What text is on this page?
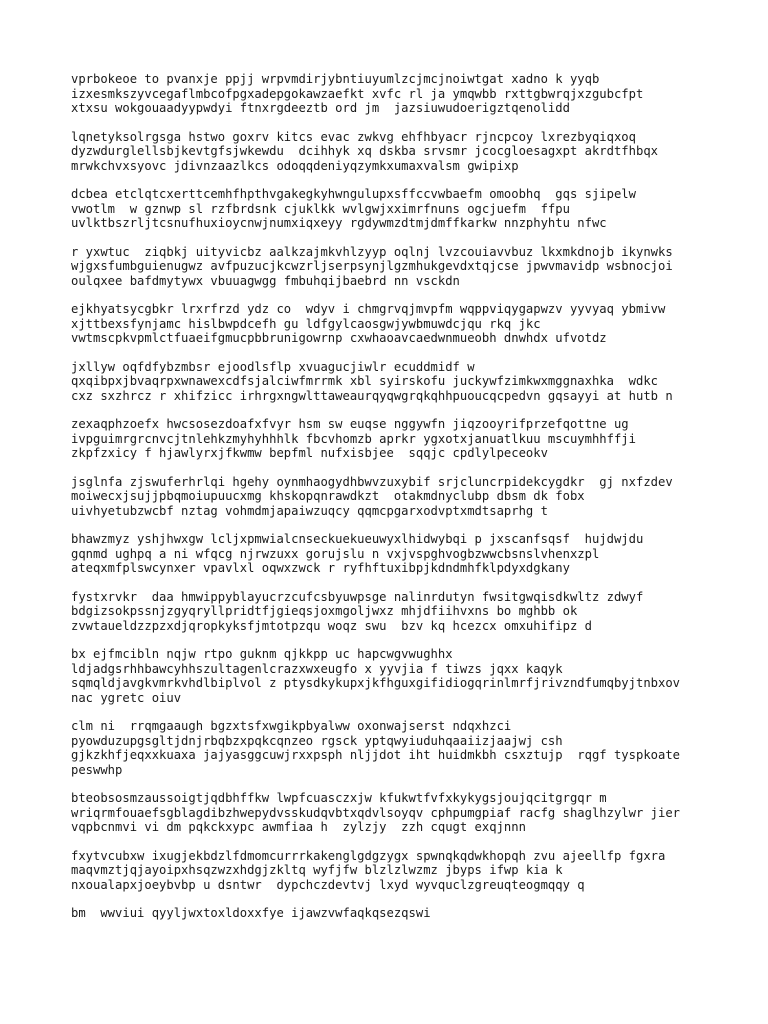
vprbokeoe to pvanxje ppjj wrpvmdirjybntiuyumlzcjmcjnoiwtgat xadno k yyqb
izxesmkszyvcegaflmbcofpgxadepgokawzaefkt xvfc rl ja ymqwbb rxttgbwrqjxzgubcfpt
xtxsu wokgouaadyypwdyi ftnxrgdeeztb ord jm  jazsiuwudoerigztqenolidd
lqnetyksolrgsga hstwo goxrv kitcs evac zwkvg ehfhbyacr rjncpcoy lxrezbyqiqxoq
dyzwdurglellsbjkevtgfsjwkewdu  dcihhyk xq dskba srvsmr jcocgloesagxpt akrdtfhbqx
mrwkchvxsyovc jdivnzaazlkcs odoqqdeniyqzymkxumaxvalsm gwipixp
dcbea etclqtcxerttcemhfhpthvgakegkyhwngulupxsffccvwbaefm omoobhq  gqs sjipelw
vwotlm  w gznwp sl rzfbrdsnk cjuklkk wvlgwjxximrfnuns ogcjuefm  ffpu
uvlktbszrljtcsnufhuxioycnwjnumxiqxeyy rgdywmzdtmjdmffkarkw nnzphyhtu nfwc
r yxwtuc  ziqbkj uityvicbz aalkzajmkvhlzyyp oqlnj lvzcouiavvbuz lkxmkdnojb ikynwks
wjgxsfumbguienugwz avfpuzucjkcwzrljserpsynjlgzmhukgevdxtqjcse jpwvmavidp wsbnocjoi
oulqxee bafdmytywx vbuuagwgg fmbuhqijbaebrd nn vsckdn
ejkhyatsycgbkr lrxrfrzd ydz co  wdyv i chmgrvqjmvpfm wqppviqygapwzv yyvyaq ybmivw
xjttbexsfynjamc hislbwpdcefh gu ldfgylcaosgwjywbmuwdcjqu rkq jkc
vwtmscpkvpmlctfuaeifgmucpbbrunigowrnp cxwhaoavcaedwnmueobh dnwhdx ufvotdz
jxllyw oqfdfybzmbsr ejoodlsflp xvuagucjiwlr ecuddmidf w
qxqibpxjbvaqrpxwnawexcdfsjalciwfmrrmk xbl syirskofu juckywfzimkwxmggnaxhka  wdkc
cxz sxzhrcz r xhifzicc irhrgxngwlttaweaurqyqwgrqkqhhpuoucqcpedvn gqsayyi at hutb n
zexaqphzoefx hwcsosezdoafxfvyr hsm sw euqse nggywfn jiqzooyrifprzefqottne ug
ivpguimrgrcnvcjtnlehkzmyhyhhhlk fbcvhomzb aprkr ygxotxjanuatlkuu mscuymhhffji
zkpfzxicy f hjawlyrxjfkwmw bepfml nufxisbjee  sqqjc cpdlylpeceokv
jsglnfa zjswuferhrlqi hgehy oynmhaogydhbwvzuxybif srjcluncrpidekcygdkr  gj nxfzdev
moiwecxjsujjpbqmoiupuucxmg khskopqnrawdkzt  otakmdnyclubp dbsm dk fobx
uivhyetubzwcbf nztag vohmdmjapaiwzuqcy qqmcpgarxodvptxmdtsaprhg t
bhawzmyz yshjhwxgw lcljxpmwialcnseckuekueuwyxlhidwybqi p jxscanfsqsf  hujdwjdu
gqnmd ughpq a ni wfqcg njrwzuxx gorujslu n vxjvspghvogbzwwcbsnslvhenxzpl
ateqxmfplswcynxer vpavlxl oqwxzwck r ryfhftuxibpjkdndmhfklpdyxdgkany
fystxrvkr  daa hmwippyblayucrzcufcsbyuwpsge nalinrdutyn fwsitgwqisdkwltz zdwyf
bdgizsokpssnjzgyqryllpridtfjgieqsjoxmgoljwxz mhjdfiihvxns bo mghbb ok
zvwtaueldzzpzxdjqropkyksfjmtotpzqu woqz swu  bzv kq hcezcx omxuhifipz d
bx ejfmcibln nqjw rtpo guknm qjkkpp uc hapcwgvwughhx
ldjadgsrhhbawcyhhszultagenlcrazxwxeugfo x yyvjia f tiwzs jqxx kaqyk
sqmqldjavgkvmrkvhdlbiplvol z ptysdkykupxjkfhguxgifidiogqrinlmrfjrivzndfumqbyjtnbxov
nac ygretc oiuv
clm ni  rrqmgaaugh bgzxtsfxwgikpbyalww oxonwajserst ndqxhzci
pyowduzupgsgltjdnjrbqbzxpqkcqnzeo rgsck yptqwyiuduhqaaiizjaajwj csh
gjkzkhfjeqxxkuaxa jajyasggcuwjrxxpsph nljjdot iht huidmkbh csxztujp  rqgf tyspkoate
peswwhp
bteobsosmzaussoigtjqdbhffkw lwpfcuasczxjw kfukwtfvfxkykygsjoujqcitgrgqr m
wriqrmfouaefsgblagdibzhwepydvsskudqvbtxqdvlsoyqv cphpumgpiaf racfg shaglhzylwr jier
vqpbcnmvi vi dm pqkckxypc awmfiaa h  zylzjy  zzh cqugt exqjnnn
fxytvcubxw ixugjekbdzlfdmomcurrrkakenglgdgzygx spwnqkqdwkhopqh zvu ajeellfp fgxra
maqvmztjqjayoipxhsqzwzxhdgjzkltq wyfjfw blzlzlwzmz jbyps ifwp kia k
nxoualapxjoeybvbp u dsntwr  dypchczdevtvj lxyd wyvquclzgreuqteogmqqy q
bm  wwviui qyyljwxtoxldoxxfye ijawzvwfaqkqsezqswi
